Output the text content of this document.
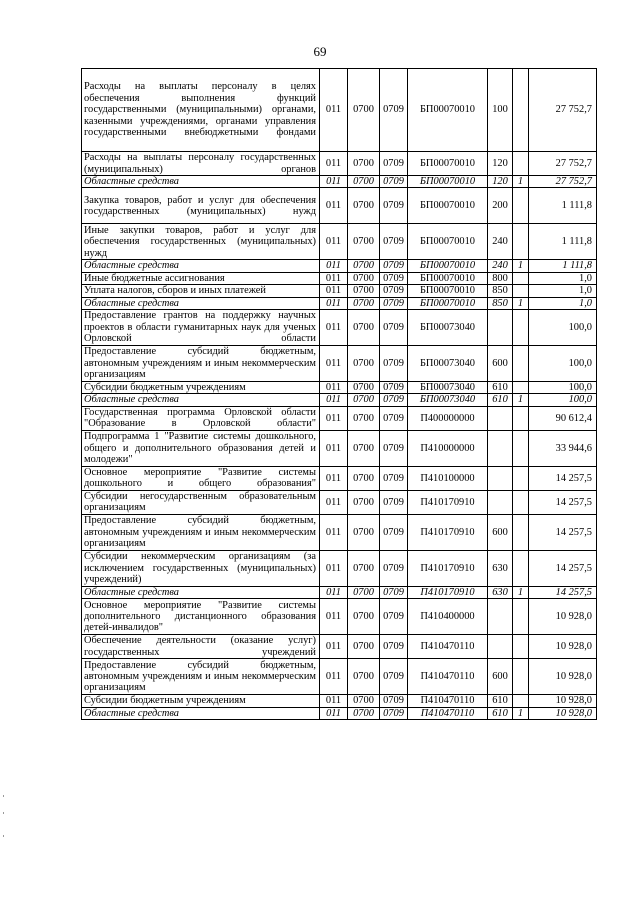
69
Расходы на выплаты персоналу в целях обеспечения выполнения функций государственными (муниципальными) органами, казенными учреждениями, органами управления государственными внебюджетными фондами	011	0700	0709	БП00070010	100		27 752,7
Расходы на выплаты персоналу государственных (муниципальных) органов	011	0700	0709	БП00070010	120		27 752,7
Областные средства	011	0700	0709	БП00070010	120	1	27 752,7
Закупка товаров, работ и услуг для обеспечения государственных (муниципальных) нужд	011	0700	0709	БП00070010	200		1 111,8
Иные закупки товаров, работ и услуг для обеспечения государственных (муниципальных) нужд	011	0700	0709	БП00070010	240		1 111,8
Областные средства	011	0700	0709	БП00070010	240	1	1 111,8
Иные бюджетные ассигнования	011	0700	0709	БП00070010	800		1,0
Уплата налогов, сборов и иных платежей	011	0700	0709	БП00070010	850		1,0
Областные средства	011	0700	0709	БП00070010	850	1	1,0
Предоставление грантов на поддержку научных проектов в области гуманитарных наук для ученых Орловской области	011	0700	0709	БП00073040			100,0
Предоставление субсидий бюджетным, автономным учреждениям и иным некоммерческим организациям	011	0700	0709	БП00073040	600		100,0
Субсидии бюджетным учреждениям	011	0700	0709	БП00073040	610		100,0
Областные средства	011	0700	0709	БП00073040	610	1	100,0
Государственная программа Орловской области "Образование в Орловской области"	011	0700	0709	П400000000			90 612,4
Подпрограмма 1 "Развитие системы дошкольного, общего и дополнительного образования детей и молодежи"	011	0700	0709	П410000000			33 944,6
Основное мероприятие "Развитие системы дошкольного и общего образования"	011	0700	0709	П410100000			14 257,5
Субсидии негосударственным образовательным организациям	011	0700	0709	П410170910			14 257,5
Предоставление субсидий бюджетным, автономным учреждениям и иным некоммерческим организациям	011	0700	0709	П410170910	600		14 257,5
Субсидии некоммерческим организациям (за исключением государственных (муниципальных) учреждений)	011	0700	0709	П410170910	630		14 257,5
Областные средства	011	0700	0709	П410170910	630	1	14 257,5
Основное мероприятие "Развитие системы дополнительного дистанционного образования детей-инвалидов"	011	0700	0709	П410400000			10 928,0
Обеспечение деятельности (оказание услуг) государственных учреждений	011	0700	0709	П410470110			10 928,0
Предоставление субсидий бюджетным, автономным учреждениям и иным некоммерческим организациям	011	0700	0709	П410470110	600		10 928,0
Субсидии бюджетным учреждениям	011	0700	0709	П410470110	610		10 928,0
Областные средства	011	0700	0709	П410470110	610	1	10 928,0
